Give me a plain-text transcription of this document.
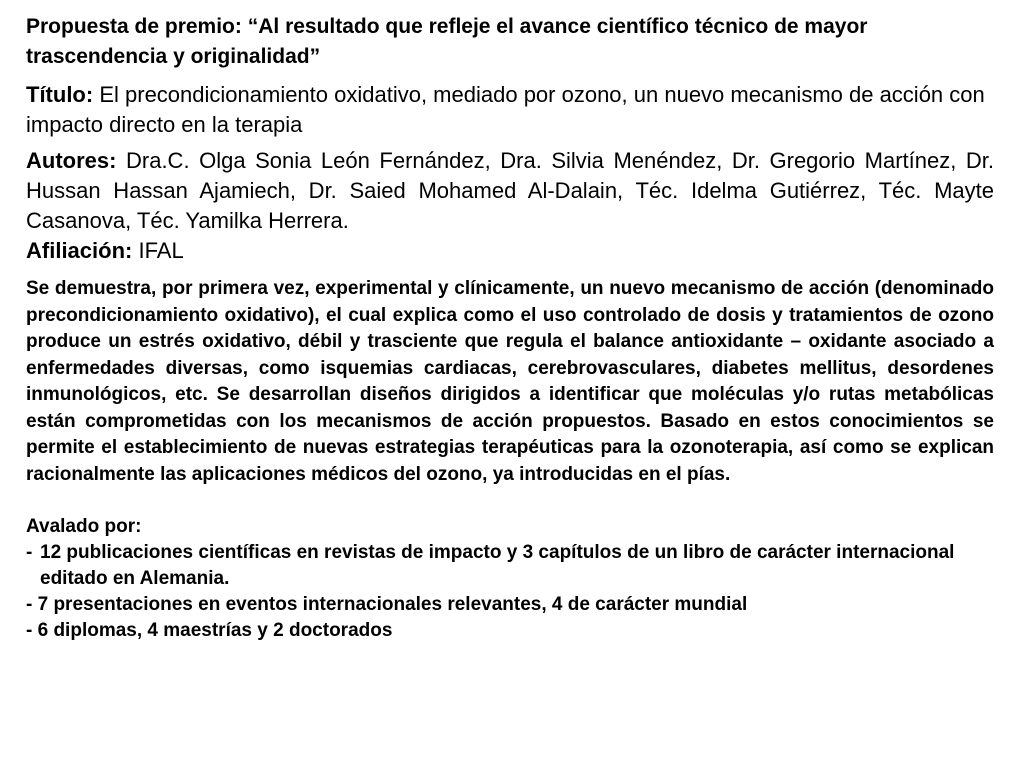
Propuesta de premio: “Al resultado que refleje el avance científico técnico de mayor trascendencia y originalidad”

Título: El precondicionamiento oxidativo, mediado por ozono, un nuevo mecanismo de acción con impacto directo en la terapia

Autores: Dra.C. Olga Sonia León Fernández, Dra. Silvia Menéndez, Dr. Gregorio Martínez, Dr. Hussan Hassan Ajamiech, Dr. Saied Mohamed Al-Dalain, Téc. Idelma Gutiérrez, Téc. Mayte Casanova, Téc. Yamilka Herrera.

Afiliación: IFAL

Se demuestra, por primera vez, experimental y clínicamente, un nuevo mecanismo de acción (denominado precondicionamiento oxidativo), el cual explica como el uso controlado de dosis y tratamientos de ozono produce un estrés oxidativo, débil y trasciente que regula el balance antioxidante – oxidante asociado a enfermedades diversas, como isquemias cardiacas, cerebrovasculares, diabetes mellitus, desordenes inmunológicos, etc. Se desarrollan diseños dirigidos a identificar que moléculas y/o rutas metabólicas están comprometidas con los mecanismos de acción propuestos. Basado en estos conocimientos se permite el establecimiento de nuevas estrategias terapéuticas para la ozonoterapia, así como se explican racionalmente las aplicaciones médicos del ozono, ya introducidas en el pías.

Avalado por:

- 12 publicaciones científicas en revistas de impacto y 3 capítulos de un libro de carácter internacional editado en Alemania.
- 7 presentaciones en eventos internacionales relevantes, 4 de carácter mundial
- 6 diplomas, 4 maestrías y 2 doctorados
